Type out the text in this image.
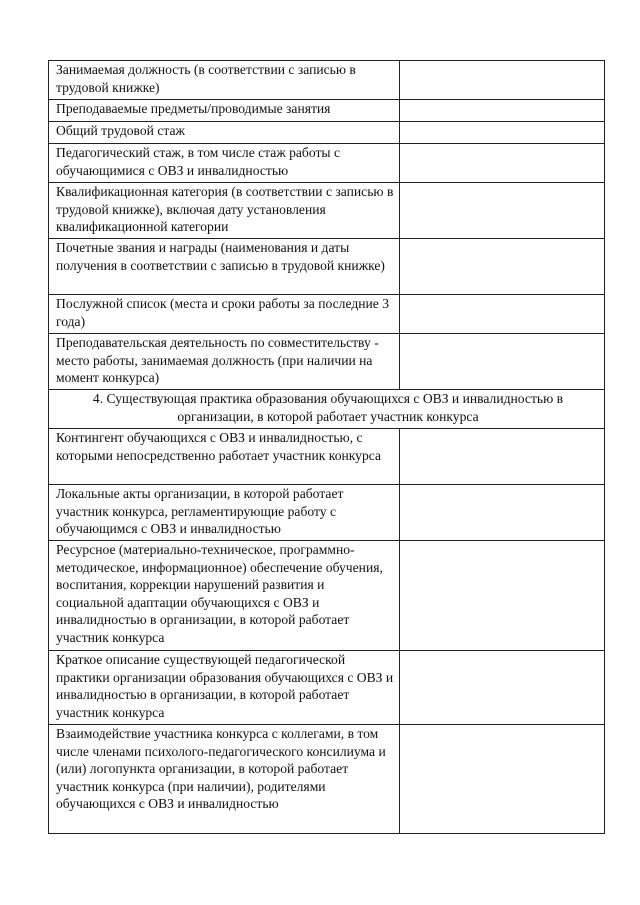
Занимаемая должность (в соответствии с записью в трудовой книжке)	
Преподаваемые предметы/проводимые занятия	
Общий трудовой стаж	
Педагогический стаж, в том числе стаж работы с обучающимися с ОВЗ и инвалидностью	
Квалификационная категория (в соответствии с записью в трудовой книжке), включая дату установления квалификационной категории	
Почетные звания и награды (наименования и даты получения в соответствии с записью в трудовой книжке)	
Послужной список (места и сроки работы за последние 3 года)	
Преподавательская деятельность по совместительству - место работы, занимаемая должность (при наличии на момент конкурса)	
4. Существующая практика образования обучающихся с ОВЗ и инвалидностью в организации, в которой работает участник конкурса	
Контингент обучающихся с ОВЗ и инвалидностью, с которыми непосредственно работает участник конкурса	
Локальные акты организации, в которой работает участник конкурса, регламентирующие работу с обучающимся с ОВЗ и инвалидностью	
Ресурсное (материально-техническое, программно-методическое, информационное) обеспечение обучения, воспитания, коррекции нарушений развития и социальной адаптации обучающихся с ОВЗ и инвалидностью в организации, в которой работает участник конкурса	
Краткое описание существующей педагогической практики организации образования обучающихся с ОВЗ и инвалидностью в организации, в которой работает участник конкурса	
Взаимодействие участника конкурса с коллегами, в том числе членами психолого-педагогического консилиума и (или) логопункта организации, в которой работает участник конкурса (при наличии), родителями обучающихся с ОВЗ и инвалидностью	
